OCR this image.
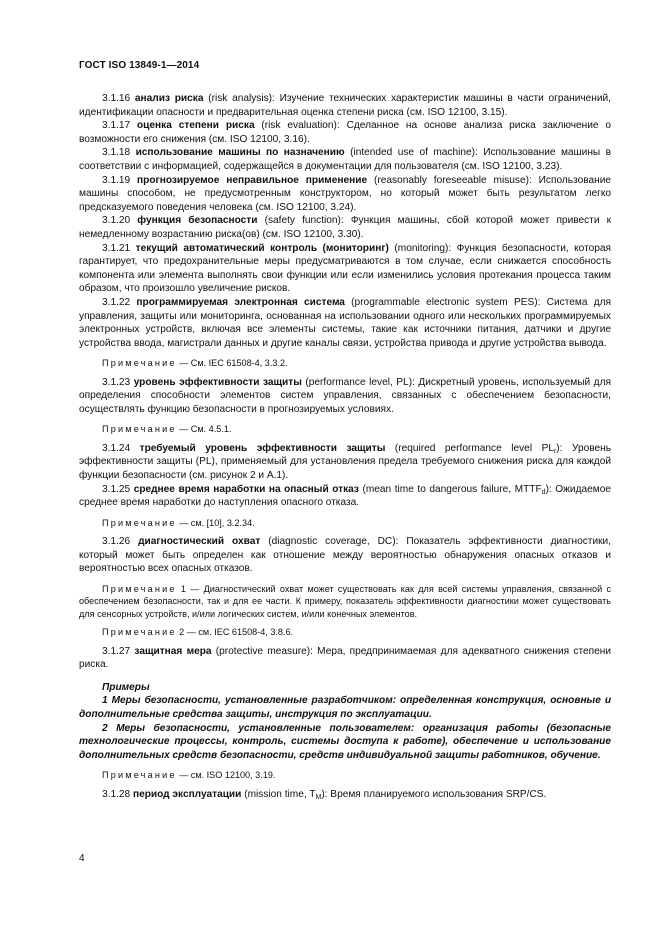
ГОСТ ISO 13849-1—2014

3.1.16 анализ риска (risk analysis): Изучение технических характеристик машины в части ограничений, идентификации опасности и предварительная оценка степени риска (см. ISO 12100, 3.15).

3.1.17 оценка степени риска (risk evaluation): Сделанное на основе анализа риска заключение о возможности его снижения (см. ISO 12100, 3.16).

3.1.18 использование машины по назначению (intended use of machine): Использование машины в соответствии с информацией, содержащейся в документации для пользователя (см. ISO 12100, 3.23).

3.1.19 прогнозируемое неправильное применение (reasonably foreseeable misuse): Использование машины способом, не предусмотренным конструктором, но который может быть результатом легко предсказуемого поведения человека (см. ISO 12100, 3.24).

3.1.20 функция безопасности (safety function): Функция машины, сбой которой может привести к немедленному возрастанию риска(ов) (см. ISO 12100, 3.30).

3.1.21 текущий автоматический контроль (мониторинг) (monitoring): Функция безопасности, которая гарантирует, что предохранительные меры предусматриваются в том случае, если снижается способность компонента или элемента выполнять свои функции или если изменились условия протекания процесса таким образом, что произошло увеличение рисков.

3.1.22 программируемая электронная система (programmable electronic system PES): Система для управления, защиты или мониторинга, основанная на использовании одного или нескольких программируемых электронных устройств, включая все элементы системы, такие как источники питания, датчики и другие устройства ввода, магистрали данных и другие каналы связи, устройства привода и другие устройства вывода.

Примечание — См. IEC 61508-4, 3.3.2.

3.1.23 уровень эффективности защиты (performance level, PL): Дискретный уровень, используемый для определения способности элементов систем управления, связанных с обеспечением безопасности, осуществлять функцию безопасности в прогнозируемых условиях.

Примечание — См. 4.5.1.

3.1.24 требуемый уровень эффективности защиты (required performance level $PL_r$): Уровень эффективности защиты (PL), применяемый для установления предела требуемого снижения риска для каждой функции безопасности (см. рисунок 2 и А.1).

3.1.25 среднее время наработки на опасный отказ (mean time to dangerous failure, $MTTF_d$): Ожидаемое среднее время наработки до наступления опасного отказа.

Примечание — см. [10], 3.2.34.

3.1.26 диагностический охват (diagnostic coverage, DC): Показатель эффективности диагностики, который может быть определен как отношение между вероятностью обнаружения опасных отказов и вероятностью всех опасных отказов.

Примечание 1 — Диагностический охват может существовать как для всей системы управления, связанной с обеспечением безопасности, так и для ее части. К примеру, показатель эффективности диагностики может существовать для сенсорных устройств, и/или логических систем, и/или конечных элементов.

Примечание 2 — см. IEC 61508-4, 3.8.6.

3.1.27 защитная мера (protective measure): Мера, предпринимаемая для адекватного снижения степени риска.

Примеры

1 Меры безопасности, установленные разработчиком: определенная конструкция, основные и дополнительные средства защиты, инструкция по эксплуатации.

2 Меры безопасности, установленные пользователем: организация работы (безопасные технологические процессы, контроль, системы доступа к работе), обеспечение и использование дополнительных средств безопасности, средств индивидуальной защиты работников, обучение.

Примечание — см. ISO 12100, 3.19.

3.1.28 период эксплуатации (mission time, $T_M$): Время планируемого использования SRP/CS.

4
